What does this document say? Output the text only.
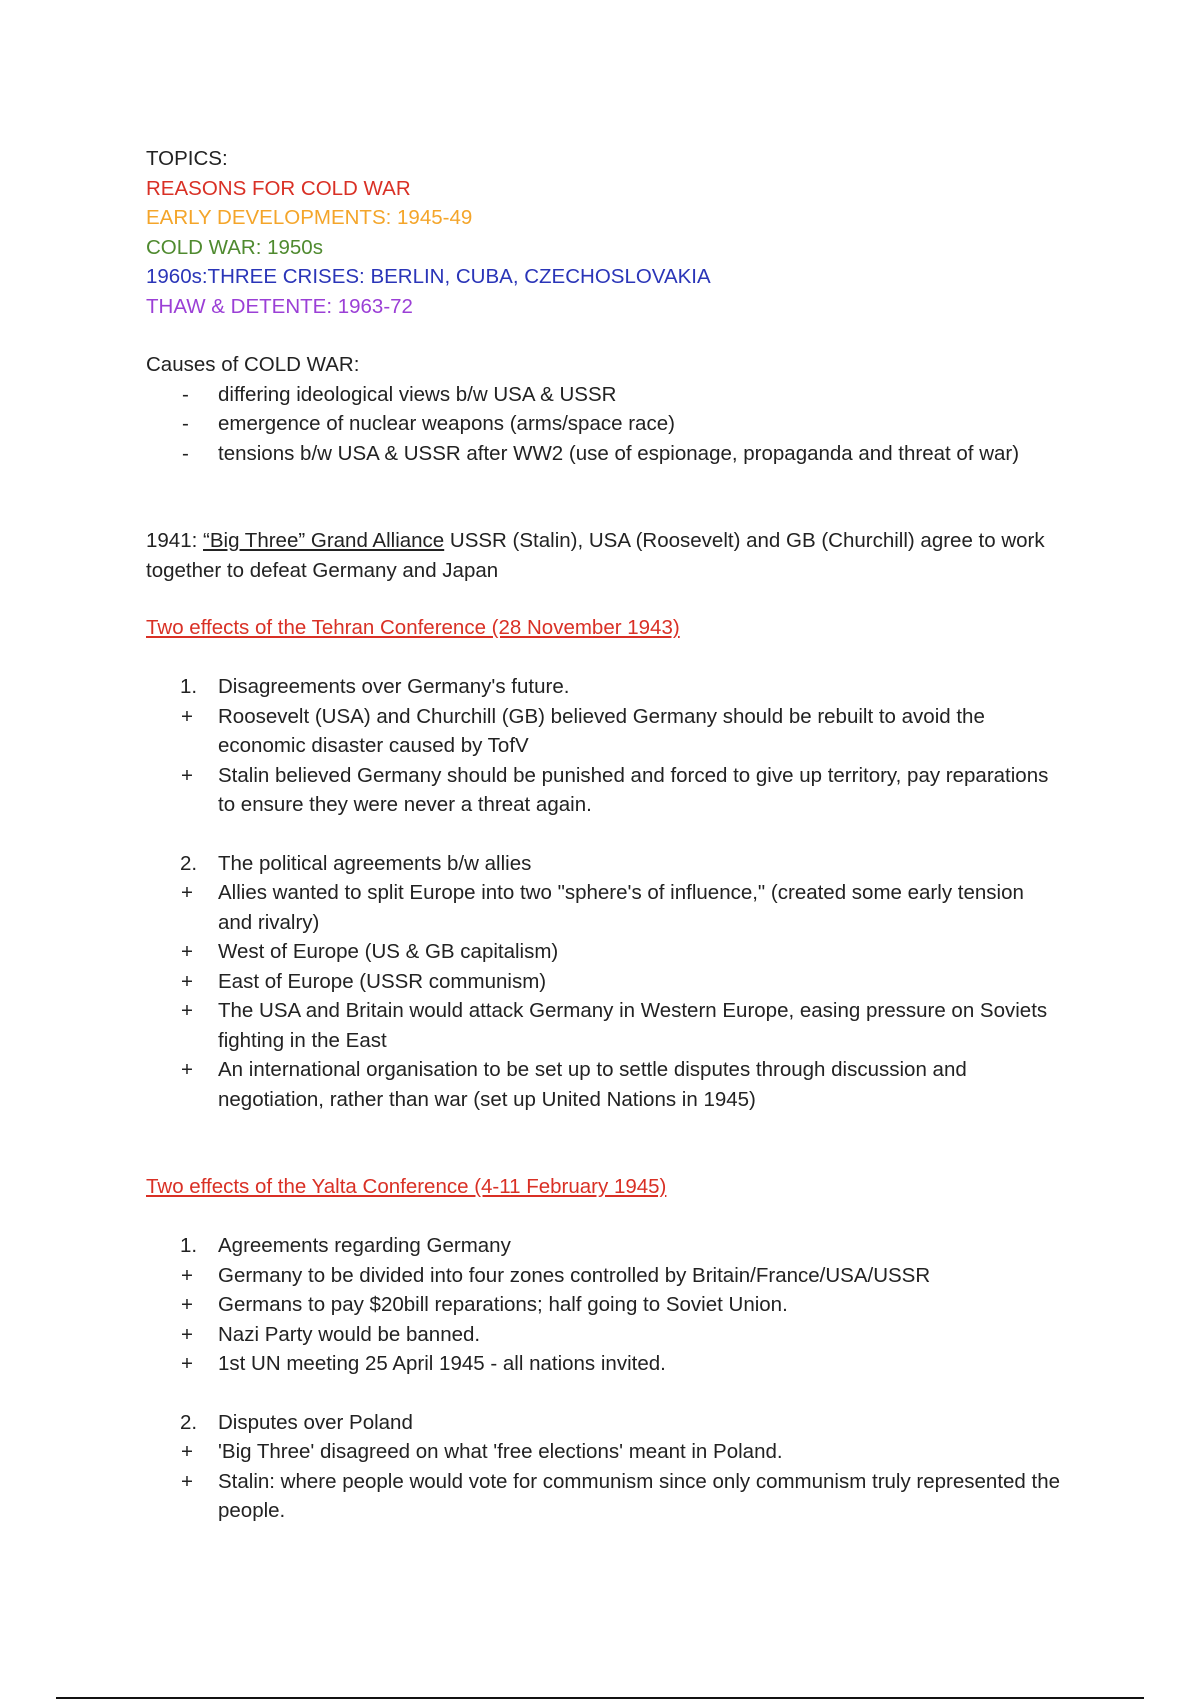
TOPICS:
REASONS FOR COLD WAR
EARLY DEVELOPMENTS: 1945-49
COLD WAR: 1950s
1960s:THREE CRISES: BERLIN, CUBA, CZECHOSLOVAKIA
THAW & DETENTE: 1963-72
Causes of COLD WAR:
-	differing ideological views b/w USA & USSR
-	emergence of nuclear weapons (arms/space race)
-	tensions b/w USA & USSR after WW2 (use of espionage, propaganda and threat of war)
1941: “Big Three” Grand Alliance USSR (Stalin), USA (Roosevelt) and GB (Churchill) agree to work together to defeat Germany and Japan
Two effects of the Tehran Conference (28 November 1943)
1.	Disagreements over Germany's future.
+	Roosevelt (USA) and Churchill (GB) believed Germany should be rebuilt to avoid the economic disaster caused by TofV
+	Stalin believed Germany should be punished and forced to give up territory, pay reparations to ensure they were never a threat again.
2.	The political agreements b/w allies
+	Allies wanted to split Europe into two "sphere's of influence," (created some early tension and rivalry)
+	West of Europe (US & GB capitalism)
+	East of Europe (USSR communism)
+	The USA and Britain would attack Germany in Western Europe, easing pressure on Soviets fighting in the East
+	An international organisation to be set up to settle disputes through discussion and negotiation, rather than war (set up United Nations in 1945)
Two effects of the Yalta Conference (4-11 February 1945)
1.	Agreements regarding Germany
+	Germany to be divided into four zones controlled by Britain/France/USA/USSR
+	Germans to pay $20bill reparations; half going to Soviet Union.
+	Nazi Party would be banned.
+	1st UN meeting 25 April 1945 - all nations invited.
2.	Disputes over Poland
+	'Big Three' disagreed on what 'free elections' meant in Poland.
+	Stalin: where people would vote for communism since only communism truly represented the people.
